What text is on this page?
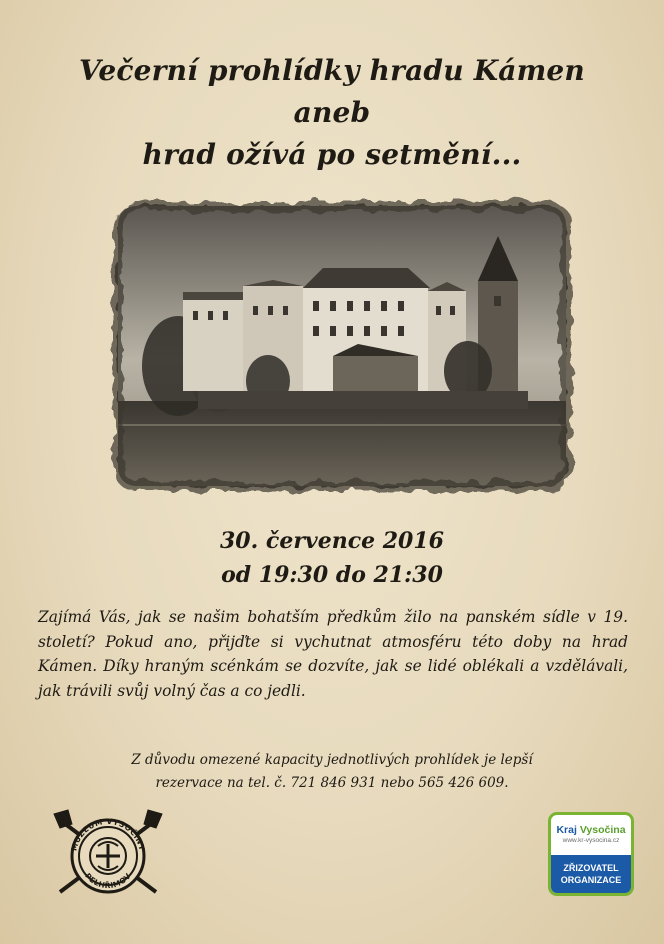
Večerní prohlídky hradu Kámen
aneb
hrad ožívá po setmění...
30. července 2016
od 19:30 do 21:30
Zajímá Vás, jak se našim bohatším předkům žilo na panském sídle v 19. století? Pokud ano, přijďte si vychutnat atmosféru této doby na hrad Kámen. Díky hraným scénkám se dozvíte, jak se lidé oblékali a vzdělávali, jak trávili svůj volný čas a co jedli.
Z důvodu omezené kapacity jednotlivých prohlídek je lepší
rezervace na tel. č. 721 846 931 nebo 565 426 609.
MUZEUM VYSOČINY
PELHŘIMOV
Kraj Vysočina
www.kr-vysocina.cz
ZŘIZOVATEL
ORGANIZACE
